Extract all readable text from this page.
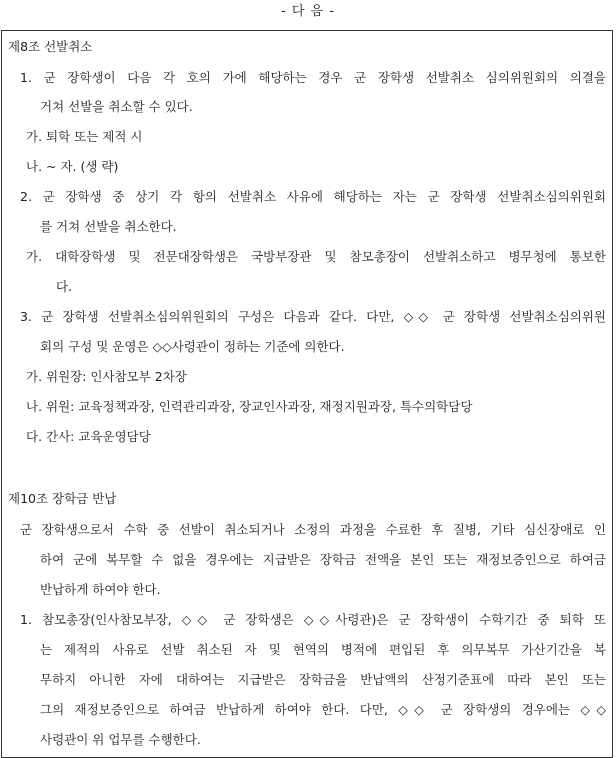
- 다 음 -
제8조 선발취소
1. 군 장학생이 다음 각 호의 가에 해당하는 경우 군 장학생 선발취소 심의위원회의 의결을
거쳐 선발을 취소할 수 있다.
가. 퇴학 또는 제적 시
나. ~ 자. (생 략)
2. 군 장학생 중 상기 각 항의 선발취소 사유에 해당하는 자는 군 장학생 선발취소심의위원회
를 거쳐 선발을 취소한다.
가. 대학장학생 및 전문대장학생은 국방부장관 및 참모총장이 선발취소하고 병무청에 통보한
다.
3. 군 장학생 선발취소심의위원회의 구성은 다음과 같다. 다만, ◇◇ 군 장학생 선발취소심의위원
회의 구성 및 운영은 ◇◇사령관이 정하는 기준에 의한다.
가. 위원장: 인사참모부 2차장
나. 위원: 교육정책과장, 인력관리과장, 장교인사과장, 재정지원과장, 특수의학담당
다. 간사: 교육운영담당
제10조 장학금 반납
군 장학생으로서 수학 중 선발이 취소되거나 소정의 과정을 수료한 후 질병, 기타 심신장애로 인
하여 군에 복무할 수 없을 경우에는 지급받은 장학금 전액을 본인 또는 재정보증인으로 하여금
반납하게 하여야 한다.
1. 참모총장(인사참모부장, ◇◇ 군 장학생은 ◇◇사령관)은 군 장학생이 수학기간 중 퇴학 또
는 제적의 사유로 선발 취소된 자 및 현역의 병적에 편입된 후 의무복무 가산기간을 복
무하지 아니한 자에 대하여는 지급받은 장학금을 반납액의 산정기준표에 따라 본인 또는
그의 재정보증인으로 하여금 반납하게 하여야 한다. 다만, ◇◇ 군 장학생의 경우에는 ◇◇
사령관이 위 업무를 수행한다.
